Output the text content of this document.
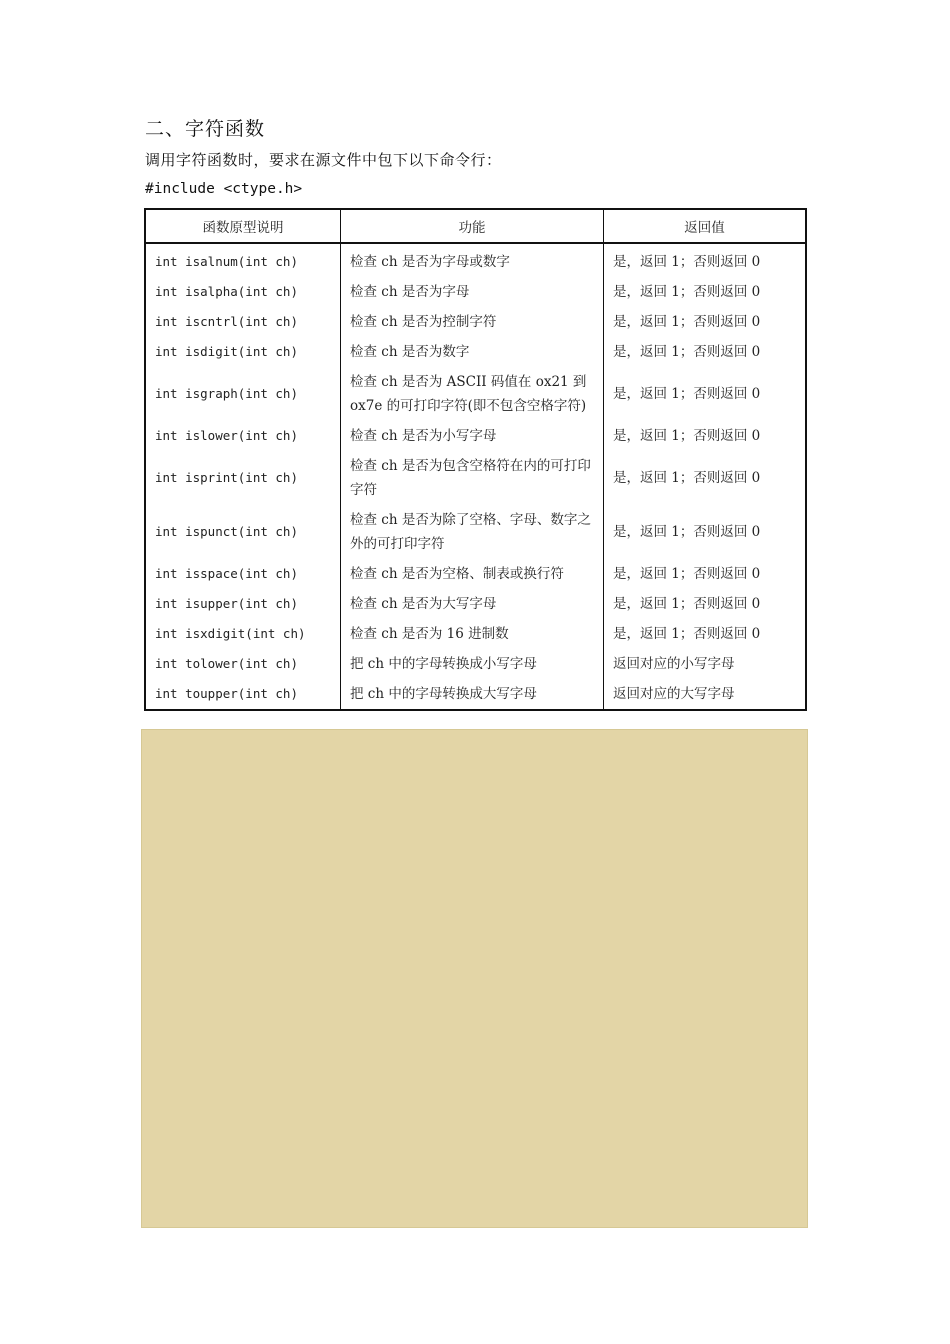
二、字符函数
调用字符函数时，要求在源文件中包下以下命令行：
#include <ctype.h>
函数原型说明	功能	返回值
int isalnum(int ch)	检查 ch 是否为字母或数字	是，返回 1；否则返回 0
int isalpha(int ch)	检查 ch 是否为字母	是，返回 1；否则返回 0
int iscntrl(int ch)	检查 ch 是否为控制字符	是，返回 1；否则返回 0
int isdigit(int ch)	检查 ch 是否为数字	是，返回 1；否则返回 0
int isgraph(int ch)	检查 ch 是否为 ASCII 码值在 ox21 到 ox7e 的可打印字符(即不包含空格字符)	是，返回 1；否则返回 0
int islower(int ch)	检查 ch 是否为小写字母	是，返回 1；否则返回 0
int isprint(int ch)	检查 ch 是否为包含空格符在内的可打印字符	是，返回 1；否则返回 0
int ispunct(int ch)	检查 ch 是否为除了空格、字母、数字之外的可打印字符	是，返回 1；否则返回 0
int isspace(int ch)	检查 ch 是否为空格、制表或换行符	是，返回 1；否则返回 0
int isupper(int ch)	检查 ch 是否为大写字母	是，返回 1；否则返回 0
int isxdigit(int ch)	检查 ch 是否为 16 进制数	是，返回 1；否则返回 0
int tolower(int ch)	把 ch 中的字母转换成小写字母	返回对应的小写字母
int toupper(int ch)	把 ch 中的字母转换成大写字母	返回对应的大写字母
